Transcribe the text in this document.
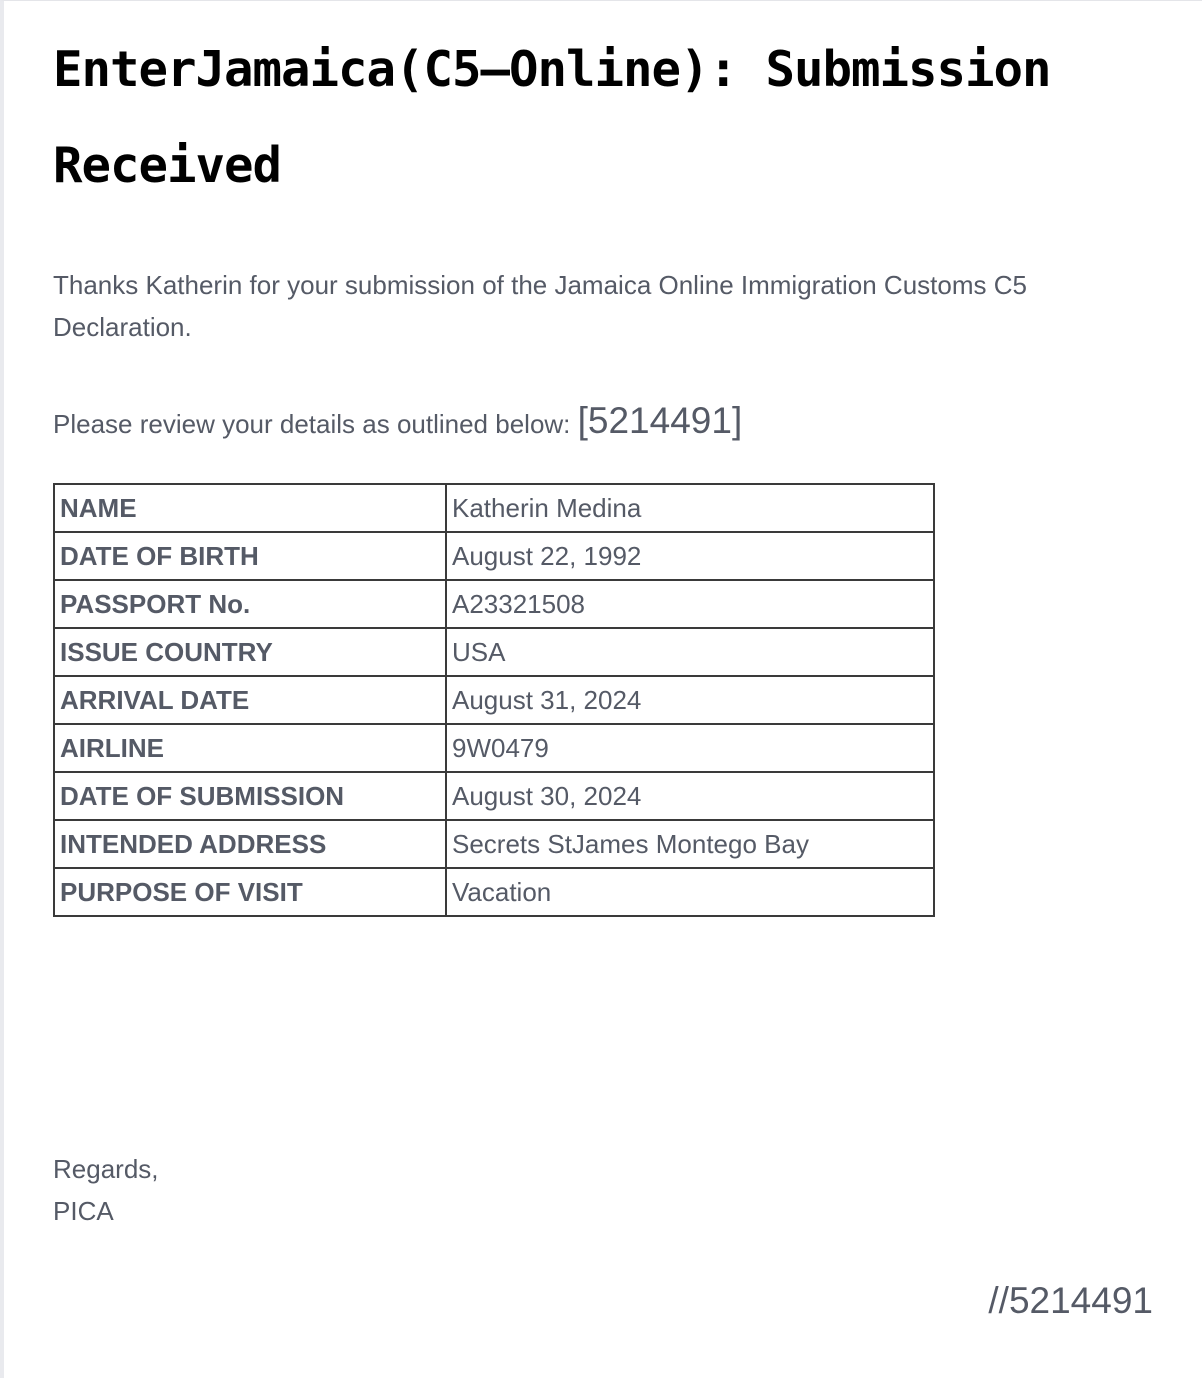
EnterJamaica(C5–Online): Submission Received

Thanks Katherin for your submission of the Jamaica Online Immigration Customs C5 Declaration.

Please review your details as outlined below: [5214491]

NAME	Katherin Medina
DATE OF BIRTH	August 22, 1992
PASSPORT No.	A23321508
ISSUE COUNTRY	USA
ARRIVAL DATE	August 31, 2024
AIRLINE	9W0479
DATE OF SUBMISSION	August 30, 2024
INTENDED ADDRESS	Secrets StJames Montego Bay
PURPOSE OF VISIT	Vacation
Regards,
PICA
//5214491
